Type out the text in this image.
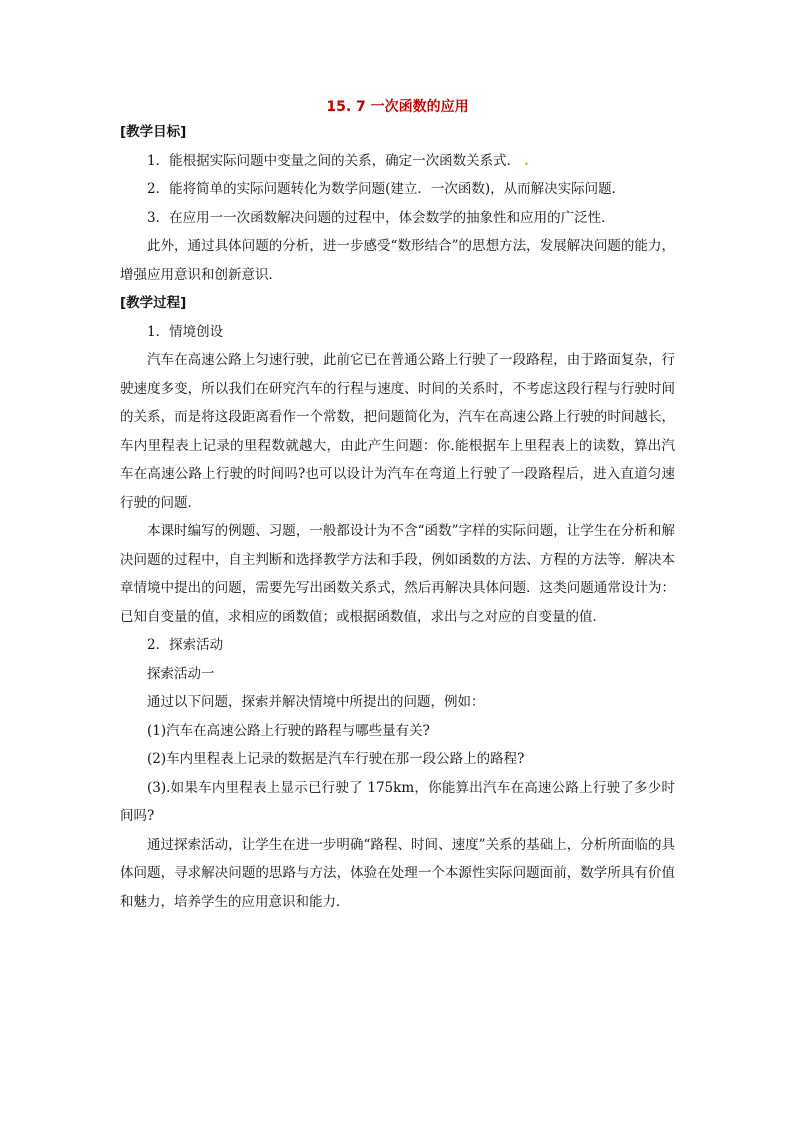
15. 7 一次函数的应用
[教学目标]
1．能根据实际问题中变量之间的关系，确定一次函数关系式． .
2．能将简单的实际问题转化为数学问题(建立．一次函数)，从而解决实际问题．
3．在应用一一次函数解决问题的过程中，体会数学的抽象性和应用的广泛性．

此外，通过具体问题的分析，进一步感受“数形结合”的思想方法，发展解决问题的能力，增强应用意识和创新意识．

[教学过程]
1．情境创设

汽车在高速公路上匀速行驶，此前它已在普通公路上行驶了一段路程，由于路面复杂，行驶速度多变，所以我们在研究汽车的行程与速度、时间的关系时，不考虑这段行程与行驶时间的关系，而是将这段距离看作一个常数，把问题简化为，汽车在高速公路上行驶的时间越长，车内里程表上记录的里程数就越大，由此产生问题：你.能根据车上里程表上的读数，算出汽车在高速公路上行驶的时间吗?也可以设计为汽车在弯道上行驶了一段路程后，进入直道匀速行驶的问题．

本课时编写的例题、习题，一般都设计为不含“函数”字样的实际问题，让学生在分析和解决问题的过程中，自主判断和选择教学方法和手段，例如函数的方法、方程的方法等．解决本章情境中提出的问题，需要先写出函数关系式，然后再解决具体问题．这类问题通常设计为：已知自变量的值，求相应的函数值；或根据函数值，求出与之对应的自变量的值．

2．探索活动
探索活动一
通过以下问题，探索并解决情境中所提出的问题，例如：
(1)汽车在高速公路上行驶的路程与哪些量有关?
(2)车内里程表上记录的数据是汽车行驶在那一段公路上的路程?

(3).如果车内里程表上显示已行驶了 175km，你能算出汽车在高速公路上行驶了多少时间吗?

通过探索活动，让学生在进一步明确“路程、时间、速度”关系的基础上，分析所面临的具体问题，寻求解决问题的思路与方法，体验在处理一个本源性实际问题面前，数学所具有价值和魅力，培养学生的应用意识和能力．
